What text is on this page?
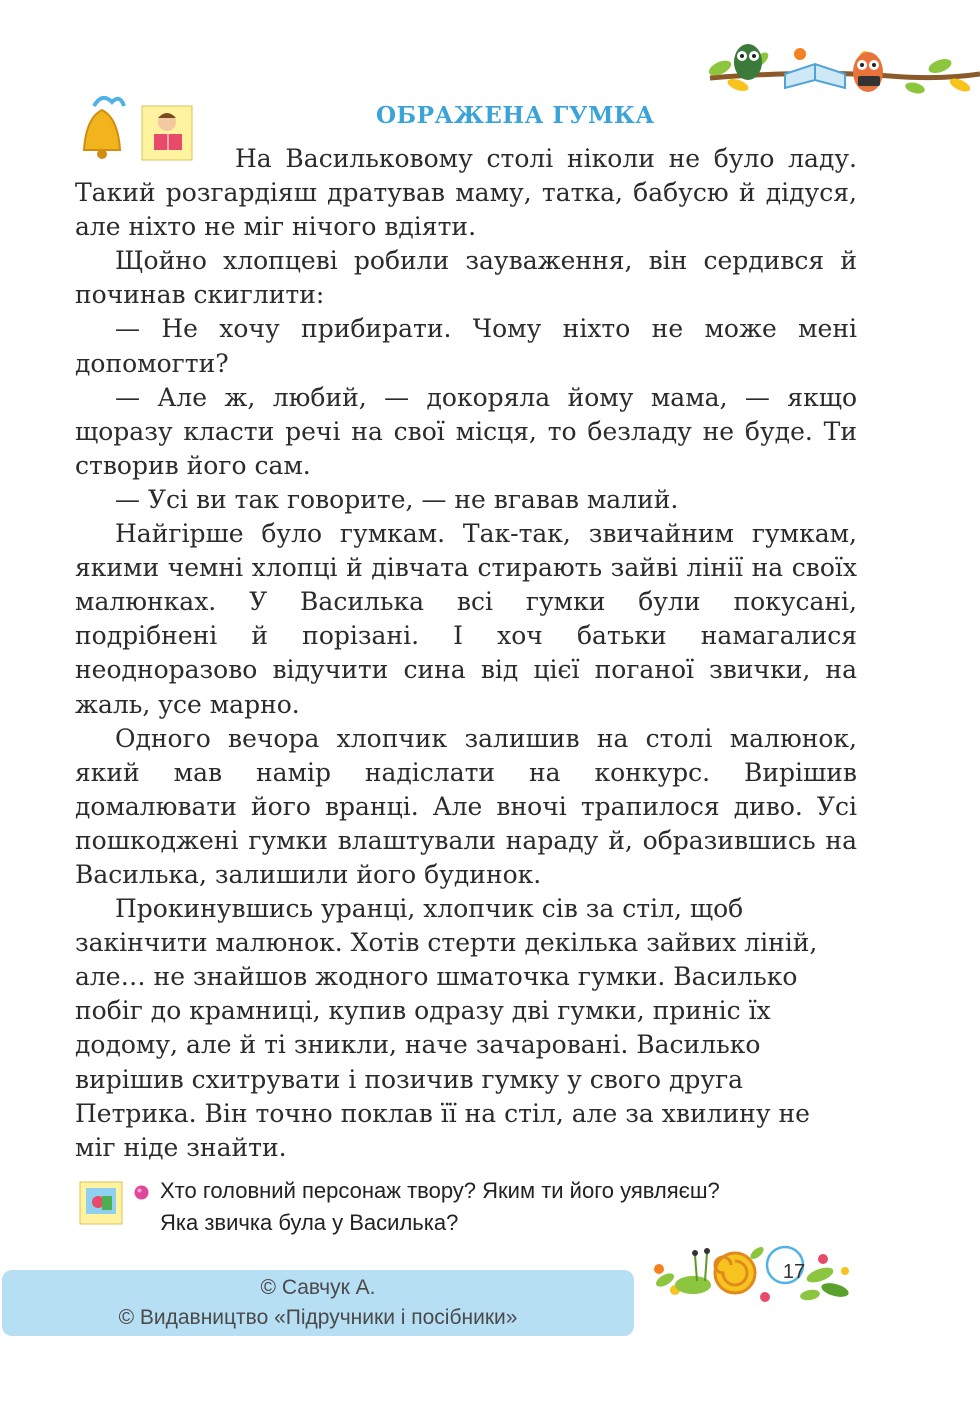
ОБРАЖЕНА ГУМКА

На Васильковому столі ніколи не було ладу. Такий розгардіяш дратував маму, татка, бабусю й дідуся, але ніхто не міг нічого вдіяти.

Щойно хлопцеві робили зауваження, він сердився й починав скиглити:

— Не хочу прибирати. Чому ніхто не може мені допомогти?

— Але ж, любий, — докоряла йому мама, — якщо щоразу класти речі на свої місця, то безладу не буде. Ти створив його сам.

— Усі ви так говорите, — не вгавав малий.

Найгірше було гумкам. Так-так, звичайним гумкам, якими чемні хлопці й дівчата стирають зайві лінії на своїх малюнках. У Василька всі гумки були покусані, подрібнені й порізані. І хоч батьки намагалися неодноразово відучити сина від цієї поганої звички, на жаль, усе марно.

Одного вечора хлопчик залишив на столі малюнок, який мав намір надіслати на конкурс. Вирішив домалювати його вранці. Але вночі трапилося диво. Усі пошкоджені гумки влаштували нараду й, образившись на Василька, залишили його будинок.

Прокинувшись уранці, хлопчик сів за стіл, щоб закінчити малюнок. Хотів стерти декілька зайвих ліній, але… не знайшов жодного шматочка гумки. Василько побіг до крамниці, купив одразу дві гумки, приніс їх додому, але й ті зникли, наче зачаровані. Василько вирішив схитрувати і позичив гумку у свого друга Петрика. Він точно поклав її на стіл, але за хвилину не міг ніде знайти.

Хто головний персонаж твору? Яким ти його уявляєш?
Яка звичка була у Василька?
17
© Савчук А.
© Видавництво «Підручники і посібники»
